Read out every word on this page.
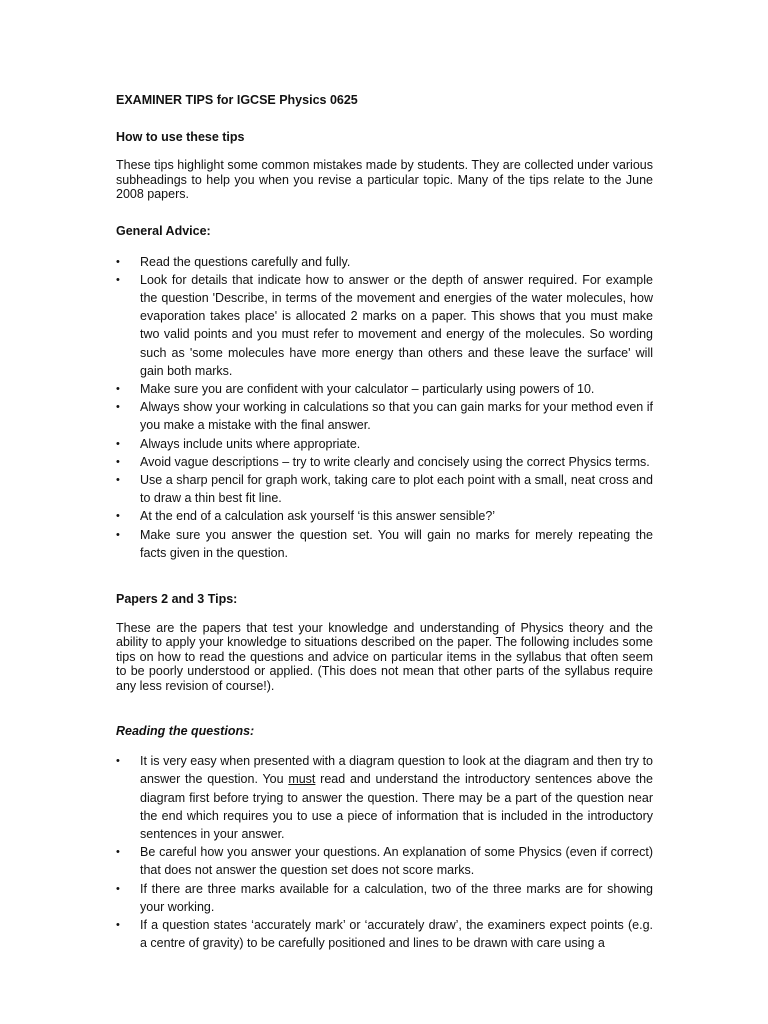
EXAMINER TIPS for IGCSE Physics 0625
How to use these tips

These tips highlight some common mistakes made by students. They are collected under various subheadings to help you when you revise a particular topic. Many of the tips relate to the June 2008 papers.

General Advice:
• Read the questions carefully and fully.
• Look for details that indicate how to answer or the depth of answer required. For example the question 'Describe, in terms of the movement and energies of the water molecules, how evaporation takes place' is allocated 2 marks on a paper. This shows that you must make two valid points and you must refer to movement and energy of the molecules. So wording such as 'some molecules have more energy than others and these leave the surface' will gain both marks.
• Make sure you are confident with your calculator – particularly using powers of 10.
• Always show your working in calculations so that you can gain marks for your method even if you make a mistake with the final answer.
• Always include units where appropriate.
• Avoid vague descriptions – try to write clearly and concisely using the correct Physics terms.
• Use a sharp pencil for graph work, taking care to plot each point with a small, neat cross and to draw a thin best fit line.
• At the end of a calculation ask yourself ‘is this answer sensible?’
• Make sure you answer the question set. You will gain no marks for merely repeating the facts given in the question.
Papers 2 and 3 Tips:

These are the papers that test your knowledge and understanding of Physics theory and the ability to apply your knowledge to situations described on the paper. The following includes some tips on how to read the questions and advice on particular items in the syllabus that often seem to be poorly understood or applied. (This does not mean that other parts of the syllabus require any less revision of course!).

Reading the questions:
• It is very easy when presented with a diagram question to look at the diagram and then try to answer the question. You must read and understand the introductory sentences above the diagram first before trying to answer the question. There may be a part of the question near the end which requires you to use a piece of information that is included in the introductory sentences in your answer.
• Be careful how you answer your questions. An explanation of some Physics (even if correct) that does not answer the question set does not score marks.
• If there are three marks available for a calculation, two of the three marks are for showing your working.
• If a question states ‘accurately mark’ or ‘accurately draw’, the examiners expect points (e.g. a centre of gravity) to be carefully positioned and lines to be drawn with care using a
